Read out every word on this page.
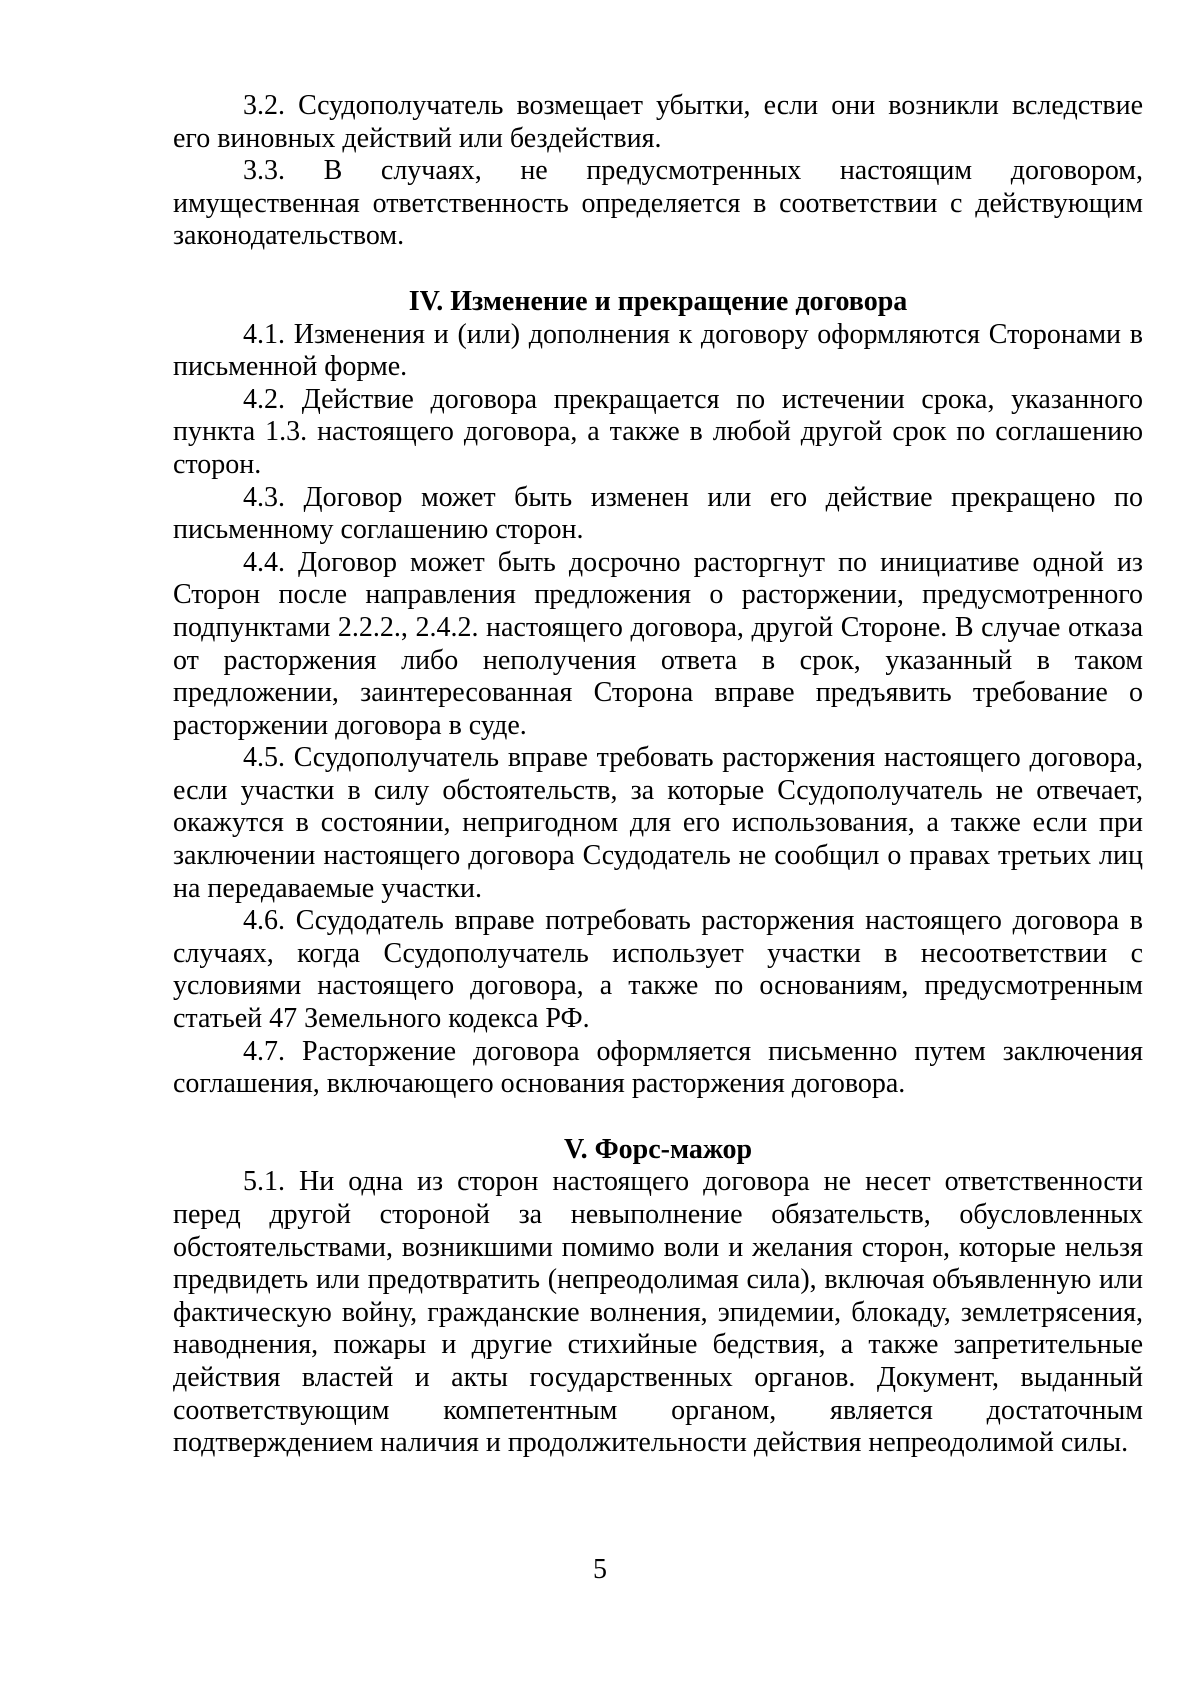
3.2. Ссудополучатель возмещает убытки, если они возникли вследствие его виновных действий или бездействия.

3.3. В случаях, не предусмотренных настоящим договором, имущественная ответственность определяется в соответствии с действующим законодательством.

IV. Изменение и прекращение договора

4.1. Изменения и (или) дополнения к договору оформляются Сторонами в письменной форме.

4.2. Действие договора прекращается по истечении срока, указанного пункта 1.3. настоящего договора, а также в любой другой срок по соглашению сторон.

4.3. Договор может быть изменен или его действие прекращено по письменному соглашению сторон.

4.4. Договор может быть досрочно расторгнут по инициативе одной из Сторон после направления предложения о расторжении, предусмотренного подпунктами 2.2.2., 2.4.2. настоящего договора, другой Стороне. В случае отказа от расторжения либо неполучения ответа в срок, указанный в таком предложении, заинтересованная Сторона вправе предъявить требование о расторжении договора в суде.

4.5. Ссудополучатель вправе требовать расторжения настоящего договора, если участки в силу обстоятельств, за которые Ссудополучатель не отвечает, окажутся в состоянии, непригодном для его использования, а также если при заключении настоящего договора Ссудодатель не сообщил о правах третьих лиц на передаваемые участки.

4.6. Ссудодатель вправе потребовать расторжения настоящего договора в случаях, когда Ссудополучатель использует участки в несоответствии с условиями настоящего договора, а также по основаниям, предусмотренным статьей 47 Земельного кодекса РФ.

4.7. Расторжение договора оформляется письменно путем заключения соглашения, включающего основания расторжения договора.

V. Форс-мажор

5.1. Ни одна из сторон настоящего договора не несет ответственности перед другой стороной за невыполнение обязательств, обусловленных обстоятельствами, возникшими помимо воли и желания сторон, которые нельзя предвидеть или предотвратить (непреодолимая сила), включая объявленную или фактическую войну, гражданские волнения, эпидемии, блокаду, землетрясения, наводнения, пожары и другие стихийные бедствия, а также запретительные действия властей и акты государственных органов. Документ, выданный соответствующим компетентным органом, является достаточным подтверждением наличия и продолжительности действия непреодолимой силы.

5
